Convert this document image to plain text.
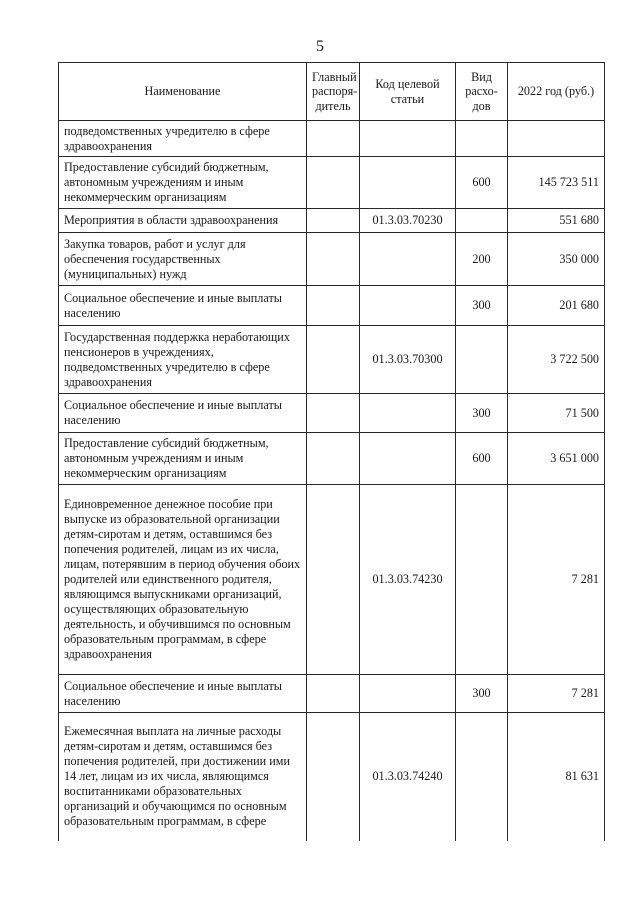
5
Наименование	Главный распоря-дитель	Код целевой статьи	Вид расхо-дов	2022 год (руб.)
подведомственных учредителю в сфере здравоохранения				
Предоставление субсидий бюджетным, автономным учреждениям и иным некоммерческим организациям			600	145 723 511
Мероприятия в области здравоохранения		01.3.03.70230		551 680
Закупка товаров, работ и услуг для обеспечения государственных (муниципальных) нужд			200	350 000
Социальное обеспечение и иные выплаты населению			300	201 680
Государственная поддержка неработающих пенсионеров в учреждениях, подведомственных учредителю в сфере здравоохранения		01.3.03.70300		3 722 500
Социальное обеспечение и иные выплаты населению			300	71 500
Предоставление субсидий бюджетным, автономным учреждениям и иным некоммерческим организациям			600	3 651 000
Единовременное денежное пособие при выпуске из образовательной организации детям-сиротам и детям, оставшимся без попечения родителей, лицам из их числа, лицам, потерявшим в период обучения обоих родителей или единственного родителя, являющимся выпускниками организаций, осуществляющих образовательную деятельность, и обучившимся по основным образовательным программам, в сфере здравоохранения		01.3.03.74230		7 281
Социальное обеспечение и иные выплаты населению			300	7 281
Ежемесячная выплата на личные расходы детям-сиротам и детям, оставшимся без попечения родителей, при достижении ими 14 лет, лицам из их числа, являющимся воспитанниками образовательных организаций и обучающимся по основным образовательным программам, в сфере		01.3.03.74240		81 631
